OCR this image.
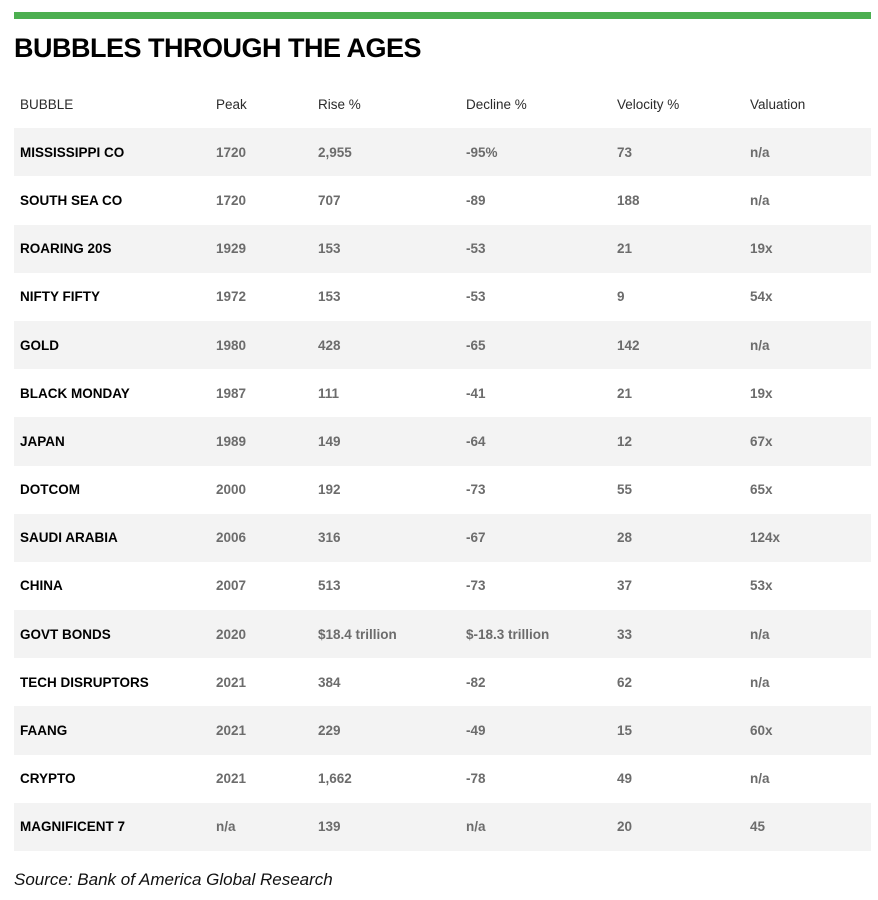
BUBBLES THROUGH THE AGES
BUBBLE	Peak	Rise %	Decline %	Velocity %	Valuation
MISSISSIPPI CO	1720	2,955	-95%	73	n/a
SOUTH SEA CO	1720	707	-89	188	n/a
ROARING 20S	1929	153	-53	21	19x
NIFTY FIFTY	1972	153	-53	9	54x
GOLD	1980	428	-65	142	n/a
BLACK MONDAY	1987	111	-41	21	19x
JAPAN	1989	149	-64	12	67x
DOTCOM	2000	192	-73	55	65x
SAUDI ARABIA	2006	316	-67	28	124x
CHINA	2007	513	-73	37	53x
GOVT BONDS	2020	$18.4 trillion	$-18.3 trillion	33	n/a
TECH DISRUPTORS	2021	384	-82	62	n/a
FAANG	2021	229	-49	15	60x
CRYPTO	2021	1,662	-78	49	n/a
MAGNIFICENT 7	n/a	139	n/a	20	45

Source: Bank of America Global Research
